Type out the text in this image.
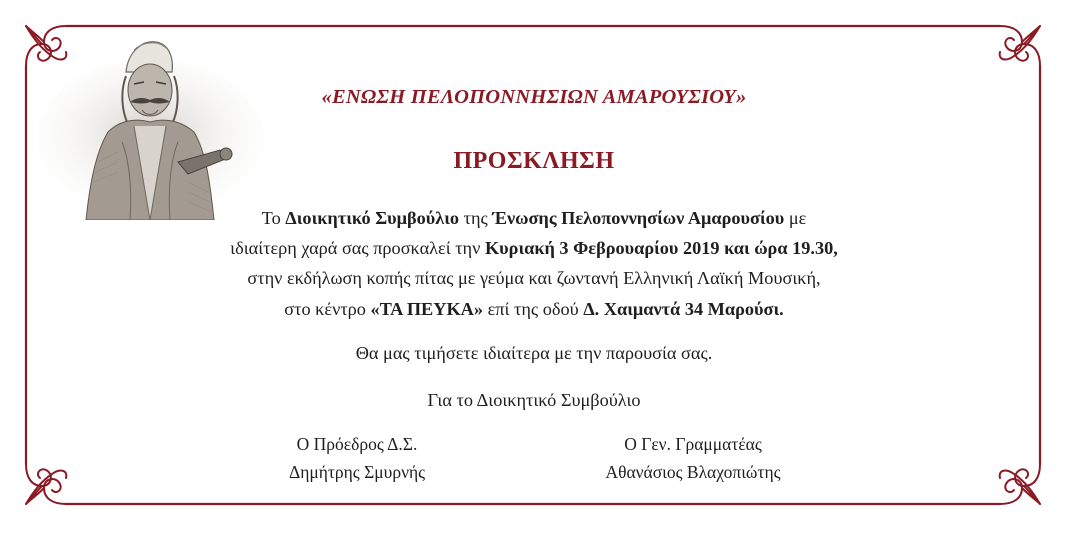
«ΕΝΩΣΗ ΠΕΛΟΠΟΝΝΗΣΙΩΝ ΑΜΑΡΟΥΣΙΟΥ»
ΠΡΟΣΚΛΗΣΗ
Το Διοικητικό Συμβούλιο της Ένωσης Πελοποννησίων Αμαρουσίου με
ιδιαίτερη χαρά σας προσκαλεί την Κυριακή 3 Φεβρουαρίου 2019 και ώρα 19.30,
στην εκδήλωση κοπής πίτας με γεύμα και ζωντανή Ελληνική Λαϊκή Μουσική,
στο κέντρο «ΤΑ ΠΕΥΚΑ» επί της οδού Δ. Χαιμαντά 34 Μαρούσι.
Θα μας τιμήσετε ιδιαίτερα με την παρουσία σας.
Για το Διοικητικό Συμβούλιο
Ο Πρόεδρος Δ.Σ.
Δημήτρης Σμυρνής
Ο Γεν. Γραμματέας
Αθανάσιος Βλαχοπιώτης
